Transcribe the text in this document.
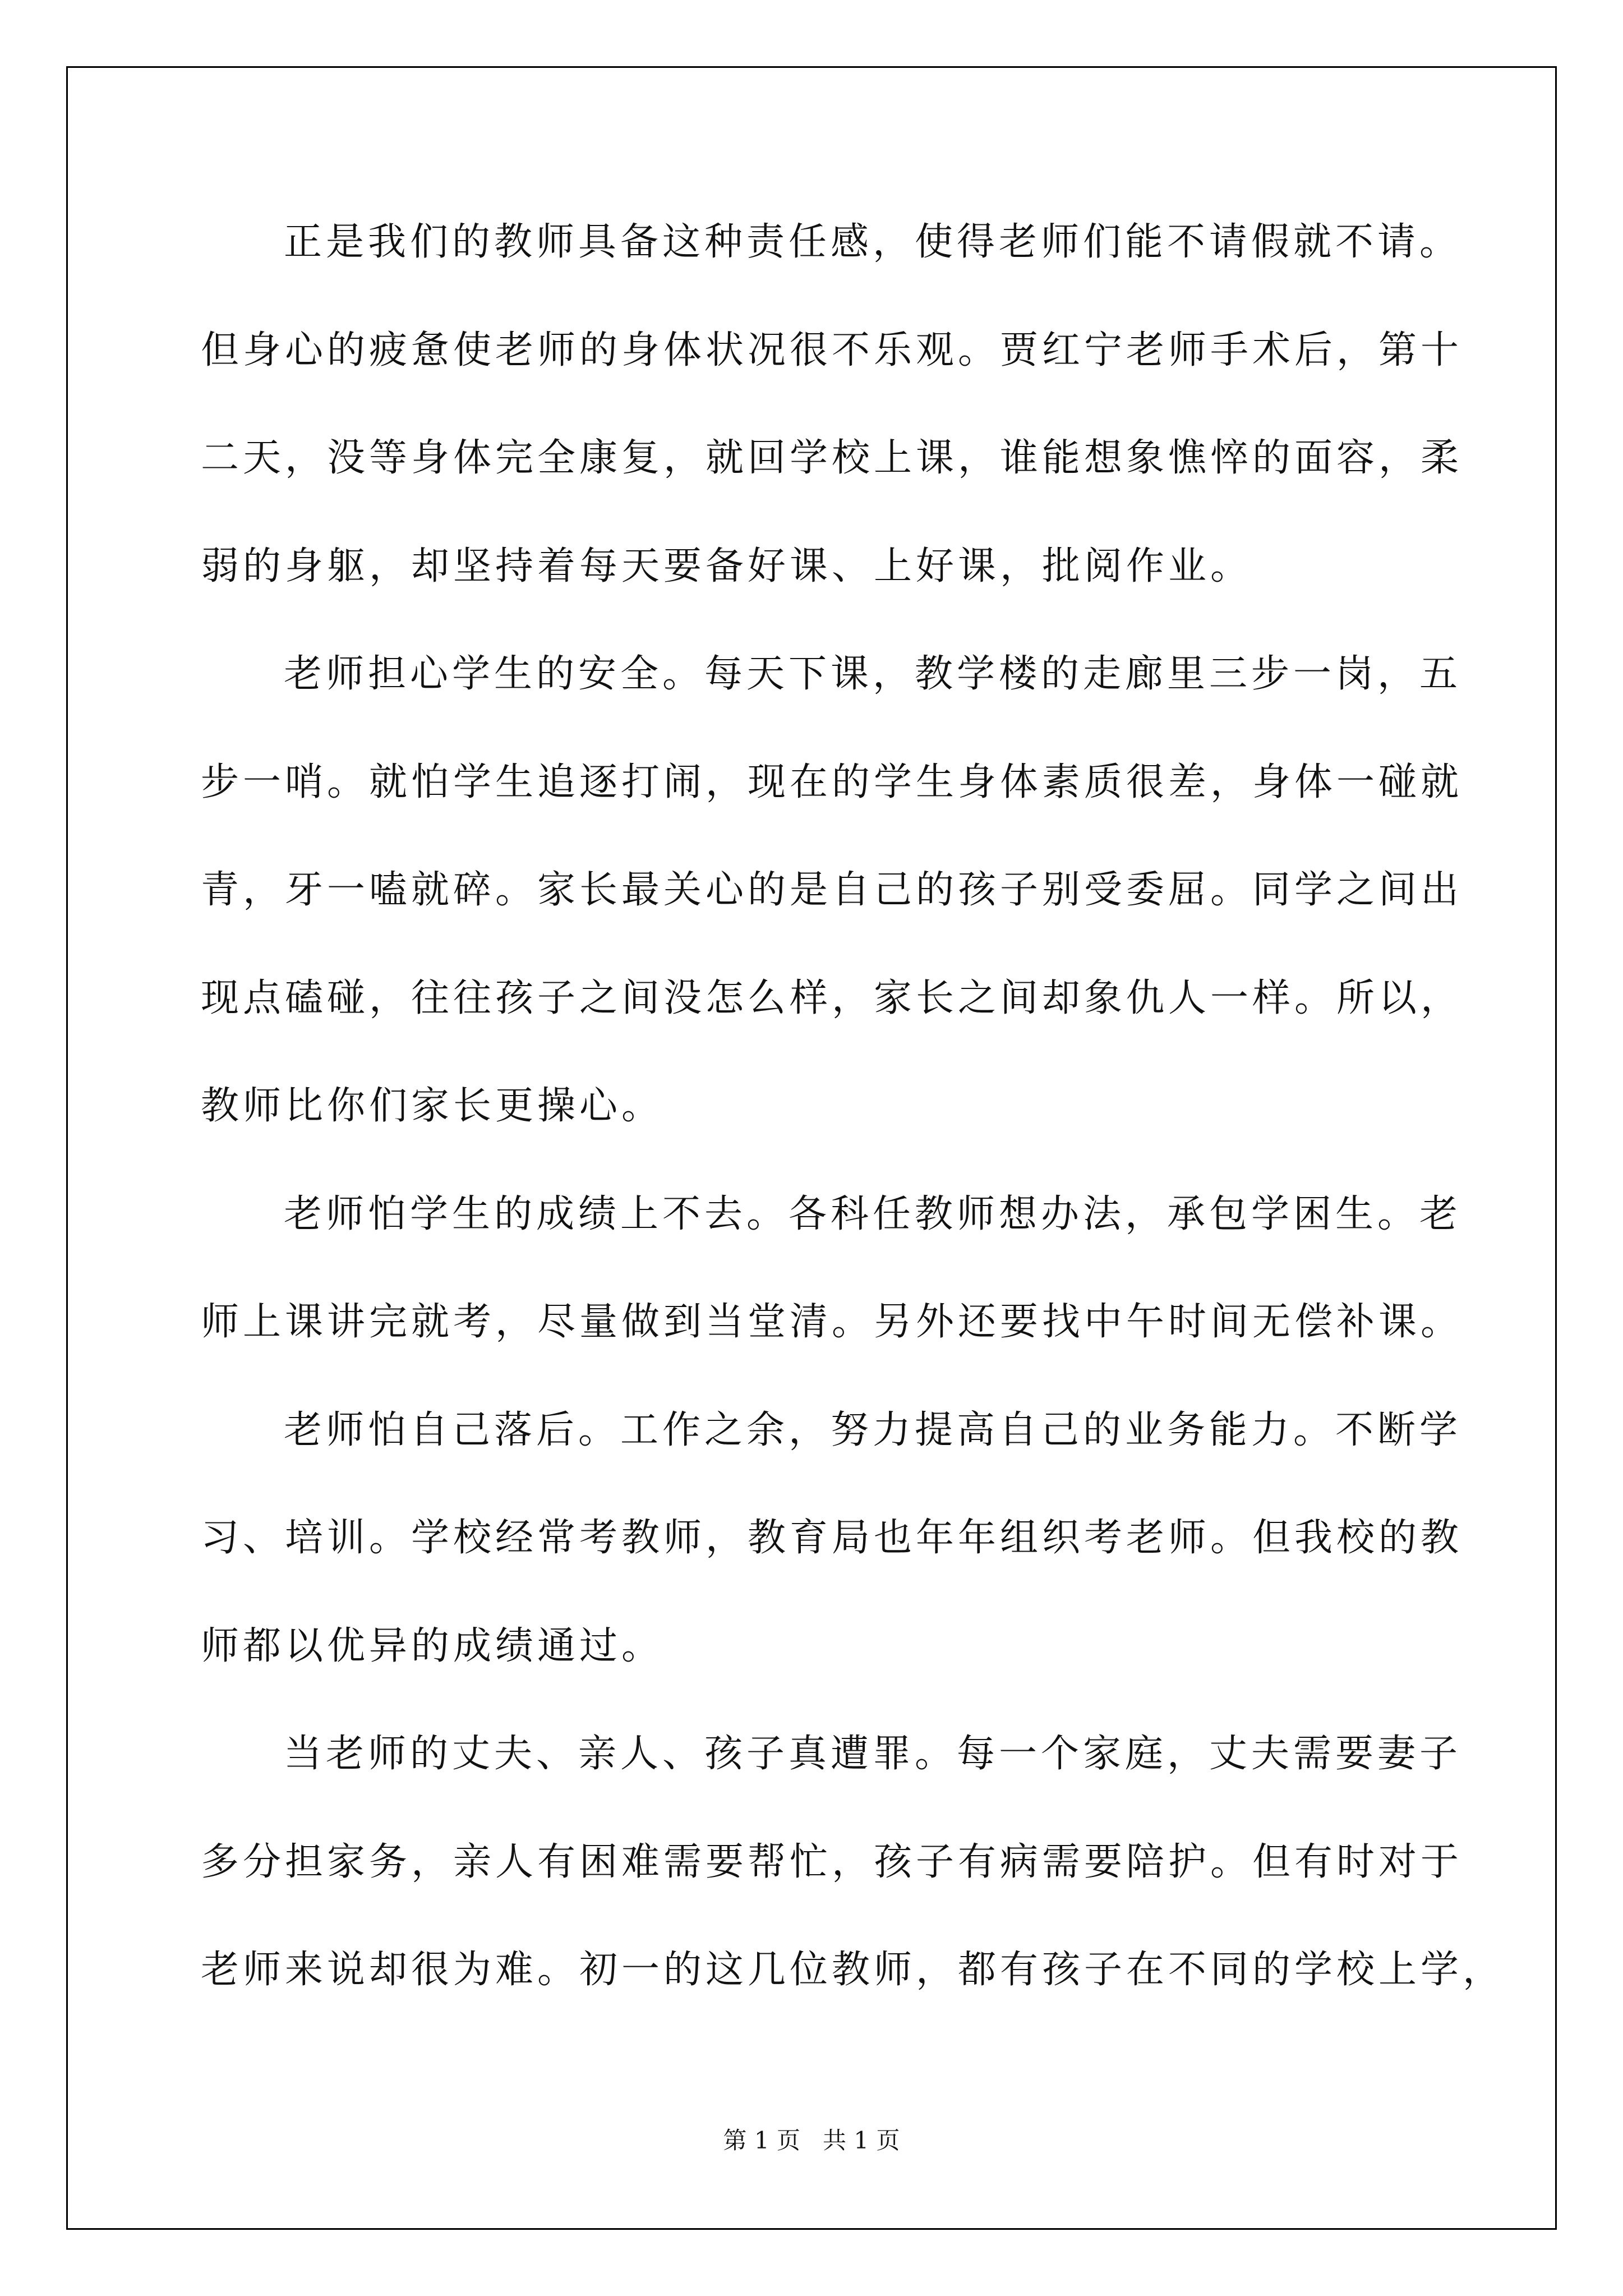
正是我们的教师具备这种责任感，使得老师们能不请假就不请。
但身心的疲惫使老师的身体状况很不乐观。贾红宁老师手术后，第十
二天，没等身体完全康复，就回学校上课，谁能想象憔悴的面容，柔
弱的身躯，却坚持着每天要备好课、上好课，批阅作业。
老师担心学生的安全。每天下课，教学楼的走廊里三步一岗，五
步一哨。就怕学生追逐打闹，现在的学生身体素质很差，身体一碰就
青，牙一嗑就碎。家长最关心的是自己的孩子别受委屈。同学之间出
现点磕碰，往往孩子之间没怎么样，家长之间却象仇人一样。所以，
教师比你们家长更操心。
老师怕学生的成绩上不去。各科任教师想办法，承包学困生。老
师上课讲完就考，尽量做到当堂清。另外还要找中午时间无偿补课。
老师怕自己落后。工作之余，努力提高自己的业务能力。不断学
习、培训。学校经常考教师，教育局也年年组织考老师。但我校的教
师都以优异的成绩通过。
当老师的丈夫、亲人、孩子真遭罪。每一个家庭，丈夫需要妻子
多分担家务，亲人有困难需要帮忙，孩子有病需要陪护。但有时对于
老师来说却很为难。初一的这几位教师，都有孩子在不同的学校上学，
第 1 页   共 1 页
